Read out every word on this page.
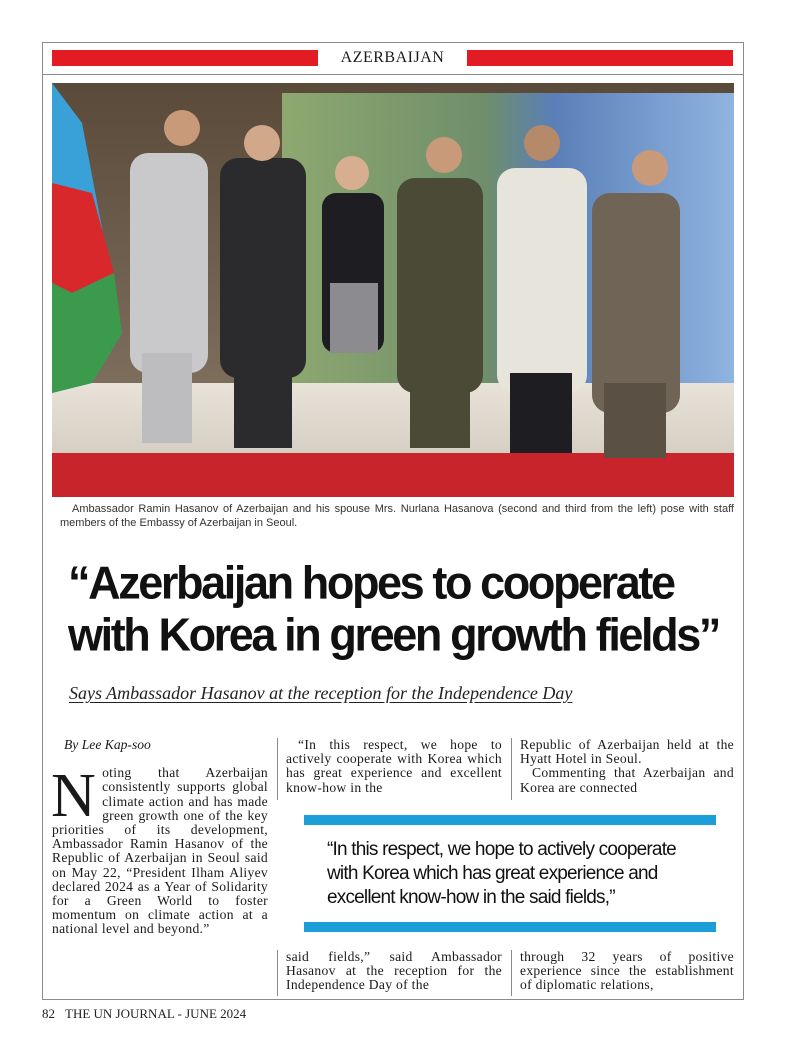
AZERBAIJAN
Ambassador Ramin Hasanov of Azerbaijan and his spouse Mrs. Nurlana Hasanova (second and third from the left) pose with staff members of the Embassy of Azerbaijan in Seoul.
“Azerbaijan hopes to cooperate
with Korea in green growth fields”

Says Ambassador Hasanov at the reception for the Independence Day

By Lee Kap-soo

Noting that Azerbaijan consistently supports global climate action and has made green growth one of the key priorities of its development, Ambassador Ramin Hasanov of the Republic of Azerbaijan in Seoul said on May 22, “President Ilham Aliyev declared 2024 as a Year of Solidarity for a Green World to foster momentum on climate action at a national level and beyond.”

“In this respect, we hope to actively cooperate with Korea which has great experience and excellent know-how in the

Republic of Azerbaijan held at the Hyatt Hotel in Seoul.

Commenting that Azerbaijan and Korea are connected

“In this respect, we hope to actively cooperate with Korea which has great experience and excellent know-how in the said fields,”

said fields,” said Ambassador Hasanov at the reception for the Independence Day of the

through 32 years of positive experience since the establishment of diplomatic relations,

82 THE UN JOURNAL - JUNE 2024
